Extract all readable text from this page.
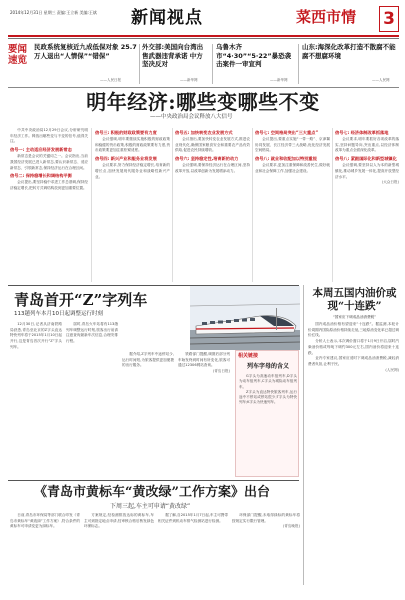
2014年12月31日 星期三 责编:王立新 美编:王斌 新闻视点	菜西市情 3
要闻速览
民政系统复核近九成低保对象 25.7万人退出“人情保”“错保”
——人民日报
外交部:美国向台湾出售武器违背承诺 中方坚决反对
——新华网
乌鲁木齐市“4·30”“5·22”暴恐袭击案件一审宣判
——新华网
山东:海深化改革打造不散腐不能腐不想腐环境
——人民网
明年经济:哪些变哪些不变
——中央政治局会议释放八大信号

中共中央政治局12月29日会议,分析研究明年经济工作。释放出哪些变与不变的信号,值得关注。

信号一: 主动适应经济发展新常态

新常态是会议的关键词之一。会议指出,当前我国经济发展已进入新常态,要认识新常态、适应新常态、引领新常态,保持经济运行在合理区间。

信号二: 保持稳增长和调结构平衡

会议提出,要坚持稳中求进工作总基调,保持经济稳定增长,把转方式调结构放到更加重要位置。

信号三: 积极的财政政策要有力度

会议强调,明年要继续实施积极的财政政策和稳健的货币政策,积极的财政政策要有力度,货币政策要更加注重松紧适度。

信号四: 新兴产业和服务业将发展

会议要求,努力保持经济稳定增长,培育新的增长点,加快发展现代服务业和战略性新兴产业。

信号五: 加快转变农业发展方式

会议指出,要加快转变农业发展方式,推进农业现代化,确保国家粮食安全和重要农产品有效供给,促进农民持续增收。

信号六: 坚持稳定性,培育新的动力

会议强调,要保持经济运行在合理区间,坚持改革开放,以改革创新为发展增添动力。

信号七: 空间格局突出“三大重点”

会议提出,要重点实施“一带一路”、京津冀协同发展、长江经济带三大战略,优化经济发展空间格局。

信号八: 就业和收配加以特别重视

会议要求,更加注重保障和改善民生,做好就业和社会保障工作,加强社会建设。

信号七: 经济体制改革抓落地

会议要求,明年要抓好各项改革的落实,坚持问题导向,突出重点,以经济体制改革为重点全面深化改革。

信号八: 紧跟国际化和新型城镇化

会议强调,要坚持以人为本的新型城镇化,推动城乡发展一体化,提高开放型经济水平。

(大众日报)
青岛首开“Z”字列车
113趟列车本月10日起调整运行时刻

12月30日,记者从济南铁路局获悉,青岛至北京的Z字头直达特快列车将于2015年1月10日起开行,这是青岛首次开行“Z”字头列车。

届时,青岛火车站将有113趟列车调整运行时刻,旅客出行前请注意查询最新车次信息,合理安排行程。

据介绍,Z字列车中途停站少,运行时间短,为旅客提供更加便捷的出行服务。

铁路部门提醒,调图后部分列车始发终到时间有所变化,旅客可通过12306网站查询。

(青岛日报)
相关链接
列车字母的含义

G字头为高速动车组列车,D字头为动车组列车,C字头为城际动车组列车。

Z字头为直达特快旅客列车,运行途中不停站或停站很少;T字头为特快列车;K字头为快速列车。

本周五国内油价或现“十连跌”
“国家应下调成品油消费税”

国内成品油价格有望迎来“十连跌”。据监测,本轮计价周期内国际原油价格持续走低,三地原油变化率已超过调价红线。

分析人士表示,本次调价窗口将于1月9日开启,届时汽柴油价格或每吨下调约300元左右,国内油价将迎来十连跌。

业内专家建议,国家应适时下调成品油消费税,减轻消费者负担,让利于民。

(人民网)
《青岛市黄标车“黄改绿”工作方案》出台
下周三起,车主可申请“黄改绿”

日前,青岛市环保局等部门联合印发《青岛市黄标车“黄改绿”工作方案》,符合条件的黄标车可申请变更为绿标车。

方案规定,经检测排放达标的黄标车,车主可到指定地点申请,经审核合格后核发绿色环保标志。

据了解,自2015年1月7日起,车主可携带相关证件到机动车排气检测站进行检测。

环保部门提醒,未取得绿标的黄标车将按规定实行限行管理。

(青岛晚报)
